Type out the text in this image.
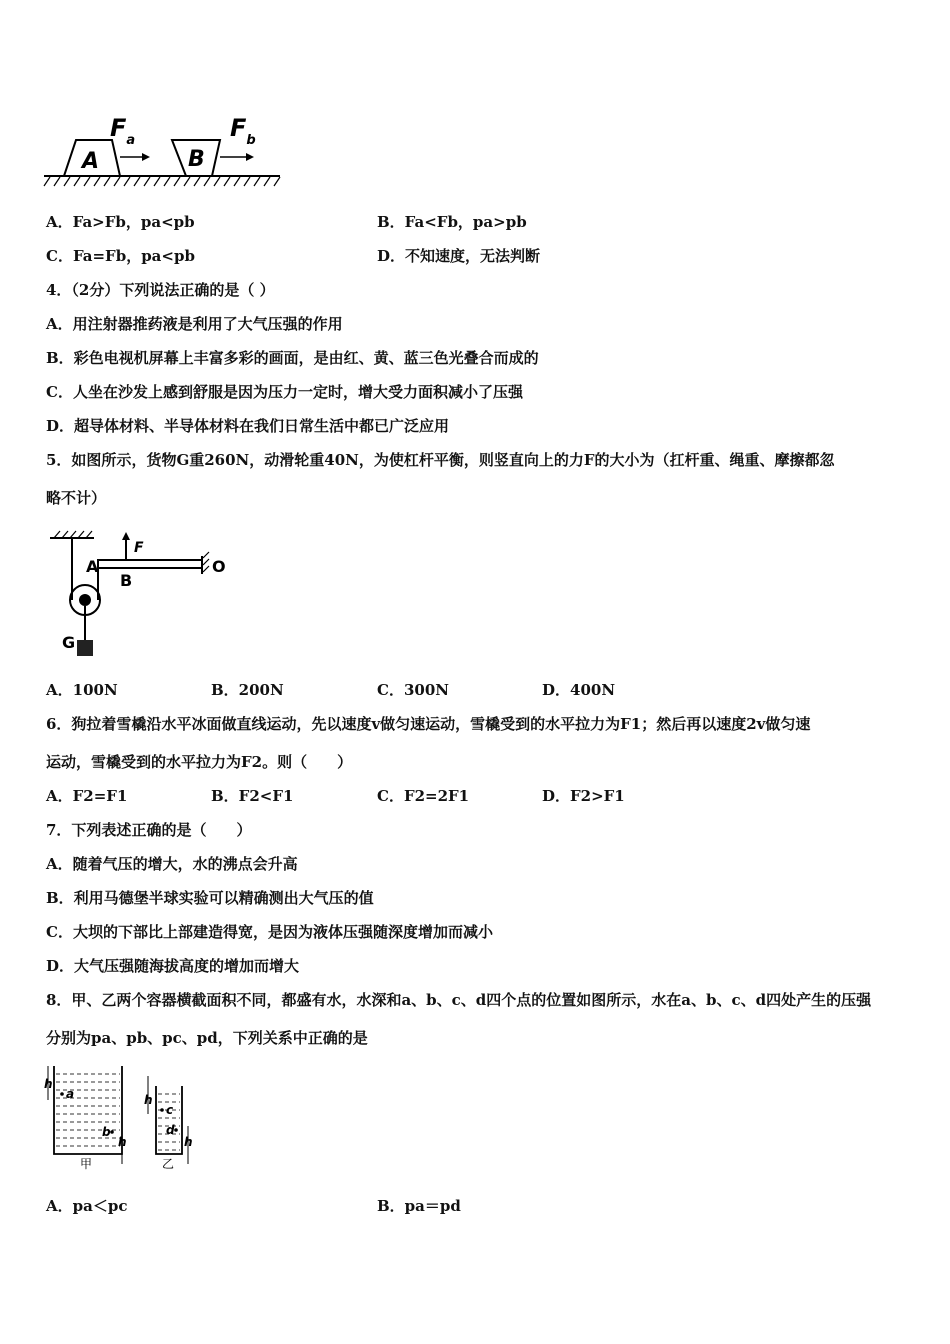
A
$F_a$
B
$F_b$
A．Fa>Fb，pa<pb	B．Fa<Fb，pa>pb
C．Fa=Fb，pa<pb	D．不知速度，无法判断
4．（2分）下列说法正确的是（ ）
A．用注射器推药液是利用了大气压强的作用
B．彩色电视机屏幕上丰富多彩的画面，是由红、黄、蓝三色光叠合而成的
C．人坐在沙发上感到舒服是因为压力一定时，增大受力面积减小了压强
D．超导体材料、半导体材料在我们日常生活中都已广泛应用
5．如图所示，货物G重260N，动滑轮重40N，为使杠杆平衡，则竖直向上的力F的大小为（扛杆重、绳重、摩擦都忽
略不计）
G
A	O
F
B
A．100N	B．200N	C．300N	D．400N
6．狗拉着雪橇沿水平冰面做直线运动，先以速度v做匀速运动，雪橇受到的水平拉力为F1；然后再以速度2v做匀速
运动，雪橇受到的水平拉力为F2。则（　　）
A．F2=F1	B．F2<F1	C．F2=2F1	D．F2>F1
7．下列表述正确的是（　　）
A．随着气压的增大，水的沸点会升高
B．利用马德堡半球实验可以精确测出大气压的值
C．大坝的下部比上部建造得宽，是因为液体压强随深度增加而减小
D．大气压强随海拔高度的增加而增大
8．甲、乙两个容器横截面积不同，都盛有水，水深和a、b、c、d四个点的位置如图所示，水在a、b、c、d四处产生的压强
分别为pa、pb、pc、pd，下列关系中正确的是
h
a
b
h
甲
h
c
d
h
乙
A．pa＜pc	B．pa＝pd
